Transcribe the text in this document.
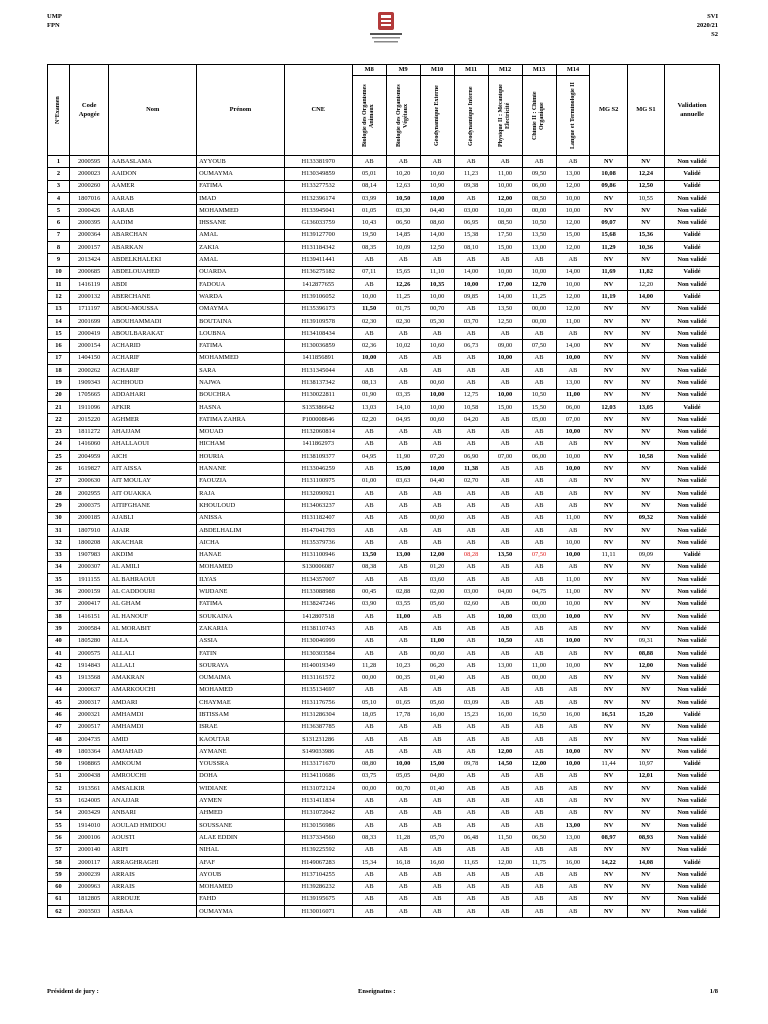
UMP
FPN
SVI
2020/21
S2
N°Examen	Code Apogée	Nom	Prénom	CNE	M8	M9	M10	M11	M12	M13	M14	MG S2	MG S1	Validation annuelle

					Biologie des Organismes Animaux	Biologie des Organismes Végétaux	Géodynamique Externe	Géodynamique Interne	Physique II : Mécanique Electricité	Chimie II : Chimie Organique	Langue et Terminologie II			

1	2000595	AABASLAMA	AYYOUB	H133381970	AB	AB	AB	AB	AB	AB	AB	NV	NV	Non validé
2	2000023	AAIDON	OUMAYMA	H130349859	05,01	10,20	10,60	11,23	11,00	09,50	13,00	10,08	12,24	Validé
3	2000260	AAMER	FATIMA	H133277532	08,14	12,63	10,90	09,38	10,00	06,00	12,00	09,86	12,50	Validé
4	1807016	AARAB	IMAD	H132396174	03,99	10,50	10,00	AB	12,00	08,50	10,00	NV	10,55	Non validé
5	2000426	AARAB	MOHAMMED	H133945041	01,05	03,30	04,40	03,00	10,00	00,00	10,00	NV	NV	Non validé
6	2000395	AADIM	IHSSANE	G136033759	10,43	06,50	08,60	06,95	08,50	10,50	12,00	09,07	NV	Non validé
7	2000364	ABARCHAN	AMAL	H139127700	19,50	14,85	14,00	15,38	17,50	13,50	15,00	15,68	15,36	Validé
8	2000157	ABARKAN	ZAKIA	H131184342	08,35	10,09	12,50	08,10	15,00	13,00	12,00	11,29	10,36	Validé
9	2013424	ABDELKHALEKI	AMAL	H139411441	AB	AB	AB	AB	AB	AB	AB	NV	NV	Non validé
10	2000685	ABDELOUAHED	OUARDA	H136275182	07,11	15,65	11,10	14,00	10,00	10,00	14,00	11,69	11,82	Validé
11	1416119	ABDI	FADOUA	1412877655	AB	12,26	10,35	10,00	17,00	12,70	10,00	NV	12,20	Non validé
12	2000132	ABERCHANE	WARDA	H139106052	10,00	11,25	10,00	09,85	14,00	11,25	12,00	11,19	14,00	Validé
13	1711197	ABOU-MOUSSA	OMAYMA	H135396173	11,50	01,75	00,70	AB	13,50	00,00	12,00	NV	NV	Non validé
14	2001699	ABOUHAMMADI	BOUTAINA	H139109578	02,30	02,30	05,30	03,70	12,50	00,00	11,00	NV	NV	Non validé
15	2000419	ABOULBARAKAT	LOUBNA	H134108434	AB	AB	AB	AB	AB	AB	AB	NV	NV	Non validé
16	2000154	ACHARID	FATIMA	H130036859	02,36	10,02	10,60	06,73	09,00	07,50	14,00	NV	NV	Non validé
17	1404150	ACHARIF	MOHAMMED	1411856891	10,00	AB	AB	AB	10,00	AB	10,00	NV	NV	Non validé
18	2000262	ACHARIF	SARA	H131345044	AB	AB	AB	AB	AB	AB	AB	NV	NV	Non validé
19	1909343	ACHHOUD	NAJWA	H138137342	08,13	AB	00,60	AB	AB	AB	13,00	NV	NV	Non validé
20	1705665	ADDAHARI	BOUCHRA	H130022811	01,90	03,35	10,00	12,75	10,00	10,50	11,00	NV	NV	Non validé
21	1911096	AFKIR	HASNA	S135386642	13,03	14,10	10,00	10,58	15,00	15,50	06,00	12,03	13,05	Validé
22	2015220	AGHMER	FATIMA ZAHRA	P100008646	02,20	04,95	00,60	04,20	AB	05,00	07,00	NV	NV	Non validé
23	1811272	AHAJJAM	MOUAD	H132060814	AB	AB	AB	AB	AB	AB	10,00	NV	NV	Non validé
24	1416060	AHALLAOUI	HICHAM	1411862973	AB	AB	AB	AB	AB	AB	AB	NV	NV	Non validé
25	2004959	AICH	HOURIA	H138109377	04,95	11,90	07,20	06,90	07,00	06,00	10,00	NV	10,58	Non validé
26	1619827	AIT AISSA	HANANE	H133046259	AB	15,00	10,00	11,38	AB	AB	10,00	NV	NV	Non validé
27	2000630	AIT MOULAY	FAOUZIA	H131100975	01,00	03,63	04,40	02,70	AB	AB	AB	NV	NV	Non validé
28	2002955	AIT OUAKKA	RAJA	H132090921	AB	AB	AB	AB	AB	AB	AB	NV	NV	Non validé
29	2000375	AITIFGHANE	KHOULOUD	H134063237	AB	AB	AB	AB	AB	AB	AB	NV	NV	Non validé
30	2000185	AJABLI	ANISSA	H131182407	AB	AB	00,60	AB	AB	AB	11,00	NV	09,32	Non validé
31	1807910	AJAIR	ABDELHALIM	H147041793	AB	AB	AB	AB	AB	AB	AB	NV	NV	Non validé
32	1800208	AKACHAR	AICHA	H135379736	AB	AB	AB	AB	AB	AB	10,00	NV	NV	Non validé
33	1907983	AKDIM	HANAE	H131100946	13,50	13,00	12,00	08,28	13,50	07,50	10,00	11,11	09,09	Validé
34	2000307	AL AMILI	MOHAMED	S130006087	08,38	AB	01,20	AB	AB	AB	AB	NV	NV	Non validé
35	1911155	AL BAHRAOUI	ILYAS	H134357007	AB	AB	03,60	AB	AB	AB	11,00	NV	NV	Non validé
36	2000159	AL CADDOURI	WIJDANE	H133088988	00,45	02,88	02,00	03,00	04,00	04,75	11,00	NV	NV	Non validé
37	2000417	AL GHAM	FATIMA	H138247246	03,90	03,55	05,60	02,60	AB	00,00	10,00	NV	NV	Non validé
38	1416151	AL HANOUF	SOUKAINA	1412807518	AB	11,00	AB	AB	10,00	03,00	10,00	NV	NV	Non validé
39	2000584	AL MORABIT	ZAKARIA	H138110743	AB	AB	AB	AB	AB	AB	AB	NV	NV	Non validé
40	1805280	ALLA	ASSIA	H130046999	AB	AB	11,00	AB	10,50	AB	10,00	NV	09,31	Non validé
41	2000575	ALLALI	FATIN	H130303584	AB	AB	00,60	AB	AB	AB	AB	NV	08,88	Non validé
42	1914843	ALLALI	SOURAYA	H140019349	11,28	10,23	06,20	AB	13,00	11,00	10,00	NV	12,00	Non validé
43	1913568	AMAKRAN	OUMAIMA	H131161572	00,00	00,35	01,40	AB	AB	00,00	AB	NV	NV	Non validé
44	2000637	AMARKOUCHI	MOHAMED	H135134697	AB	AB	AB	AB	AB	AB	AB	NV	NV	Non validé
45	2000317	AMDARI	CHAYMAE	H131176756	05,10	01,65	05,60	03,09	AB	AB	AB	NV	NV	Non validé
46	2000321	AMHAMDI	IBTISSAM	H131286304	18,05	17,78	16,00	15,23	16,00	16,50	16,00	16,51	15,20	Validé
47	2000517	AMHAMDI	ISRAE	H136387785	AB	AB	AB	AB	AB	AB	AB	NV	NV	Non validé
48	2004735	AMID	KAOUTAR	S131231286	AB	AB	AB	AB	AB	AB	AB	NV	NV	Non validé
49	1803364	AMJAHAD	AYMANE	S149033986	AB	AB	AB	AB	12,00	AB	10,00	NV	NV	Non validé
50	1908865	AMKOUM	YOUSSRA	H133171670	08,80	10,00	15,00	09,78	14,50	12,00	10,00	11,44	10,97	Validé
51	2000438	AMROUCHI	DOHA	H134110686	03,75	05,05	04,80	AB	AB	AB	AB	NV	12,01	Non validé
52	1913561	AMSALKIR	WIDIANE	H131072124	00,00	00,70	01,40	AB	AB	AB	AB	NV	NV	Non validé
53	1624005	ANAJJAR	AYMEN	H131411834	AB	AB	AB	AB	AB	AB	AB	NV	NV	Non validé
54	2003429	ANBARI	AHMED	H131072042	AB	AB	AB	AB	AB	AB	AB	NV	NV	Non validé
55	1914010	AOULAD HMIDOU	SOUSSANE	H130156986	AB	AB	AB	AB	AB	AB	13,00	NV	NV	Non validé
56	2000106	AOUSTI	ALAE EDDIN	H137334560	08,33	11,28	05,70	06,48	11,50	06,50	13,00	08,97	08,93	Non validé
57	2000140	ARIFI	NIHAL	H139225592	AB	AB	AB	AB	AB	AB	AB	NV	NV	Non validé
58	2000117	ARRAGHRAGHI	AFAF	H149067283	15,34	16,18	16,60	11,65	12,00	11,75	16,00	14,22	14,08	Validé
59	2000239	ARRAIS	AYOUB	H137104255	AB	AB	AB	AB	AB	AB	AB	NV	NV	Non validé
60	2000963	ARRAIS	MOHAMED	H139286232	AB	AB	AB	AB	AB	AB	AB	NV	NV	Non validé
61	1812805	ARROUJE	FAHD	H139195675	AB	AB	AB	AB	AB	AB	AB	NV	NV	Non validé
62	2003503	ASBAA	OUMAYMA	H130016071	AB	AB	AB	AB	AB	AB	AB	NV	NV	Non validé
Président de jury :	Enseignatns :	1/8
